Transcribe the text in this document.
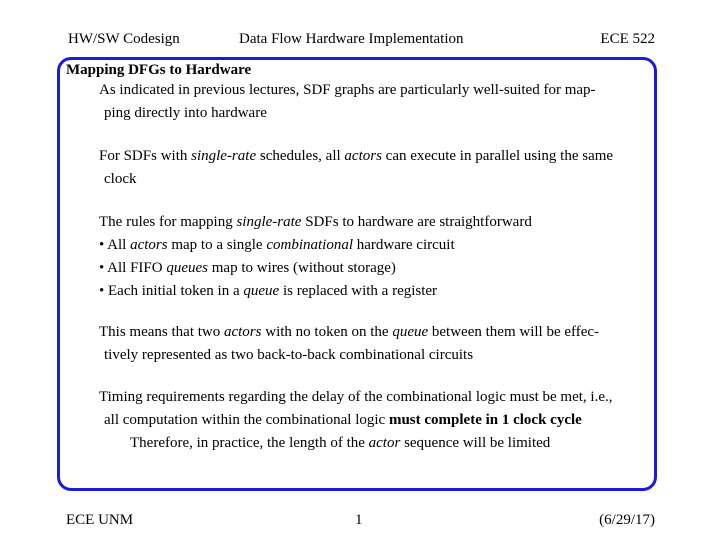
HW/SW Codesign	Data Flow Hardware Implementation	ECE 522
Mapping DFGs to Hardware
As indicated in previous lectures, SDF graphs are particularly well-suited for map-
ping directly into hardware
For SDFs with single-rate schedules, all actors can execute in parallel using the same
clock
The rules for mapping single-rate SDFs to hardware are straightforward
• All actors map to a single combinational hardware circuit
• All FIFO queues map to wires (without storage)
• Each initial token in a queue is replaced with a register
This means that two actors with no token on the queue between them will be effec-
tively represented as two back-to-back combinational circuits
Timing requirements regarding the delay of the combinational logic must be met, i.e.,
all computation within the combinational logic must complete in 1 clock cycle
Therefore, in practice, the length of the actor sequence will be limited
ECE UNM	1	(6/29/17)
